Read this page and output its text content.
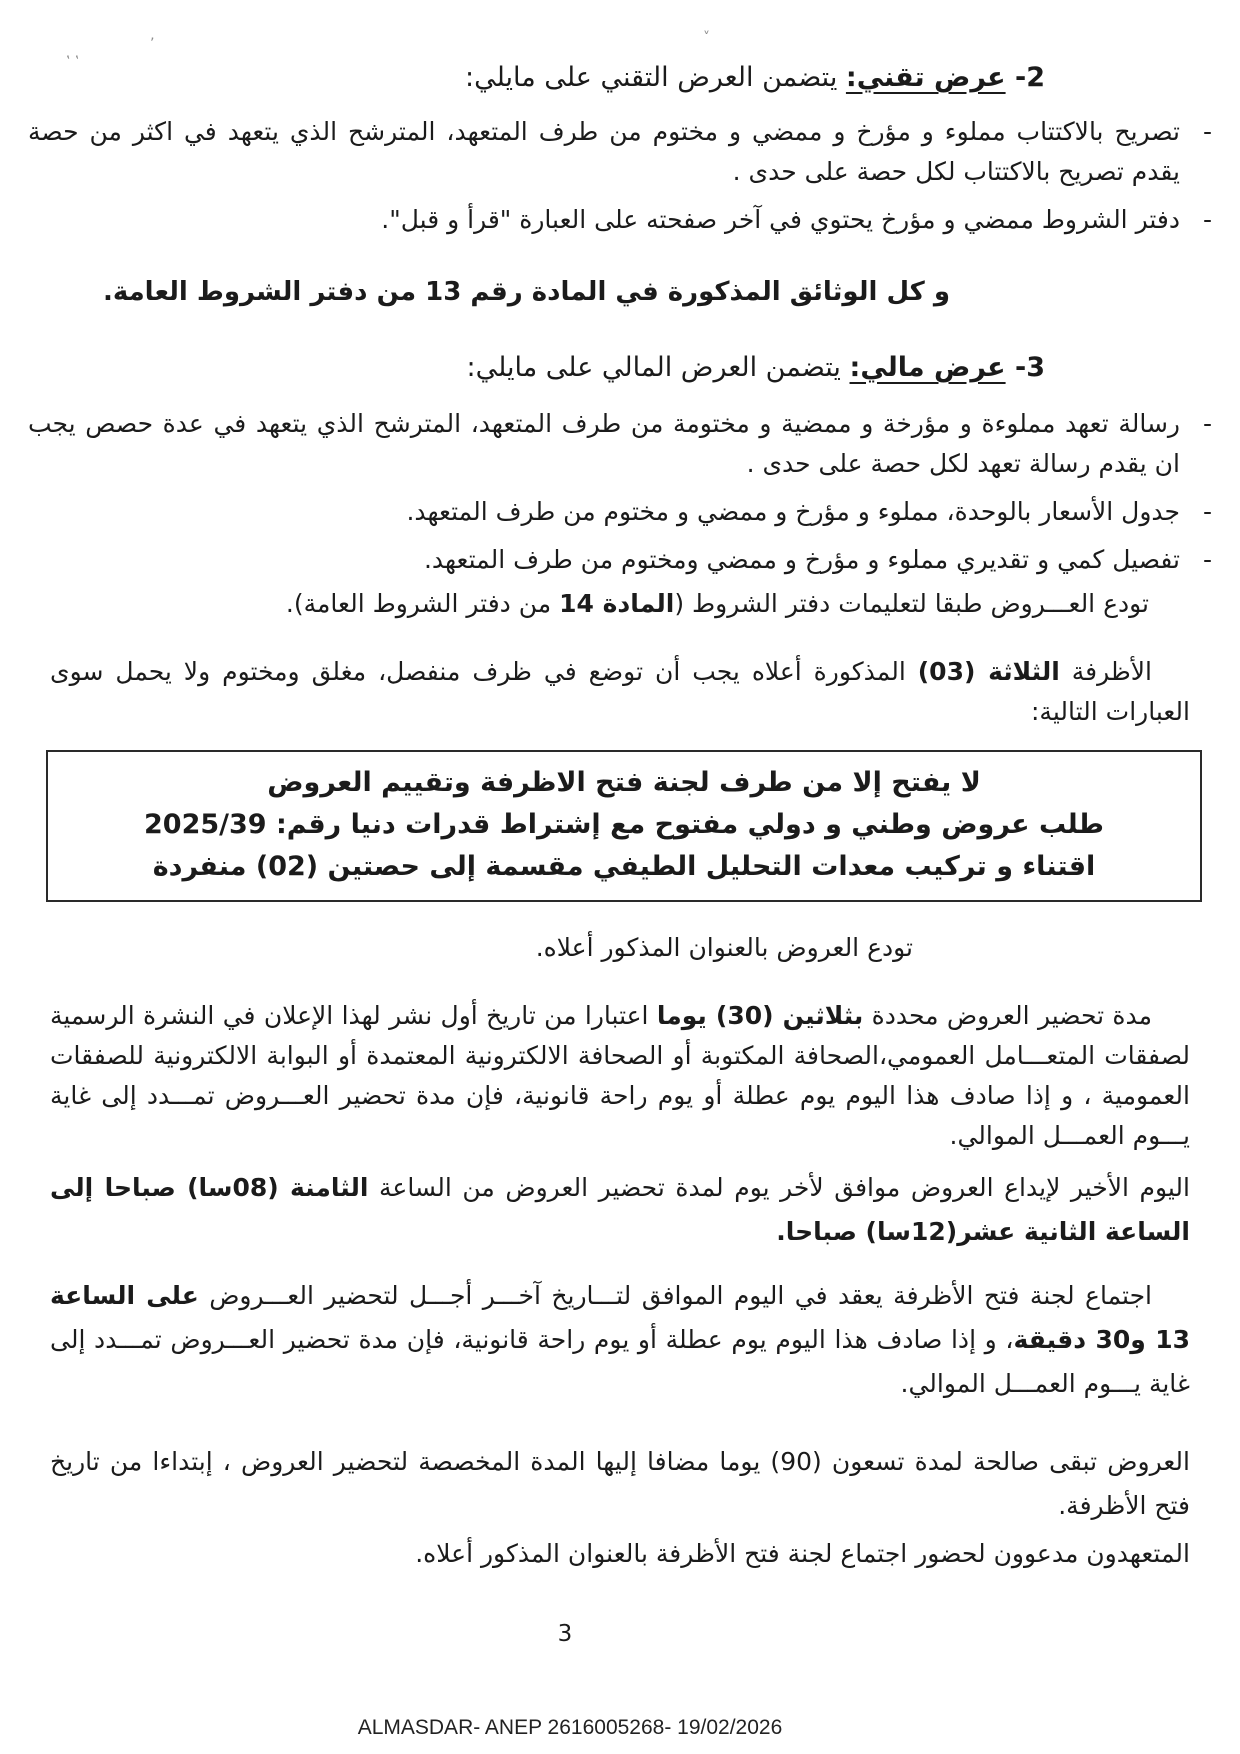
‛ ‛
’	˅
2- عرض تقني: يتضمن العرض التقني على مايلي:
- تصريح بالاكتتاب مملوء و مؤرخ و ممضي و مختوم من طرف المتعهد، المترشح الذي يتعهد في اكثر من حصة يقدم تصريح بالاكتتاب لكل حصة على حدى .
- دفتر الشروط ممضي و مؤرخ يحتوي في آخر صفحته على العبارة "قرأ و قبل".
و كل الوثائق المذكورة في المادة رقم 13 من دفتر الشروط العامة.
3- عرض مالي: يتضمن العرض المالي على مايلي:
- رسالة تعهد مملوءة و مؤرخة و ممضية و مختومة من طرف المتعهد، المترشح الذي يتعهد في عدة حصص يجب ان يقدم رسالة تعهد لكل حصة على حدى .
- جدول الأسعار بالوحدة، مملوء و مؤرخ و ممضي و مختوم من طرف المتعهد.
- تفصيل كمي و تقديري مملوء و مؤرخ و ممضي ومختوم من طرف المتعهد.
تودع العـــروض طبقا لتعليمات دفتر الشروط (المادة 14 من دفتر الشروط العامة).
الأظرفة الثلاثة (03) المذكورة أعلاه يجب أن توضع في ظرف منفصل، مغلق ومختوم ولا يحمل سوى العبارات التالية:
لا يفتح إلا من طرف لجنة فتح الاظرفة وتقييم العروض
طلب عروض وطني و دولي مفتوح مع إشتراط قدرات دنيا رقم: 2025/39
اقتناء و تركيب معدات التحليل الطيفي مقسمة إلى حصتين (02) منفردة
تودع العروض بالعنوان المذكور أعلاه.
مدة تحضير العروض محددة بثلاثين (30) يوما اعتبارا من تاريخ أول نشر لهذا الإعلان في النشرة الرسمية لصفقات المتعـــامل العمومي،الصحافة المكتوبة أو الصحافة الالكترونية المعتمدة أو البوابة الالكترونية للصفقات العمومية ، و إذا صادف هذا اليوم يوم عطلة أو يوم راحة قانونية، فإن مدة تحضير العـــروض تمـــدد إلى غاية يـــوم العمـــل الموالي.
اليوم الأخير لإيداع العروض موافق لأخر يوم لمدة تحضير العروض من الساعة الثامنة (08سا) صباحا إلى الساعة الثانية عشر(12سا) صباحا.
اجتماع لجنة فتح الأظرفة يعقد في اليوم الموافق لتـــاريخ آخـــر أجـــل لتحضير العـــروض على الساعة 13 و30 دقيقة، و إذا صادف هذا اليوم يوم عطلة أو يوم راحة قانونية، فإن مدة تحضير العـــروض تمـــدد إلى غاية يـــوم العمـــل الموالي.
العروض تبقى صالحة لمدة تسعون (90) يوما مضافا إليها المدة المخصصة لتحضير العروض ، إبتداءا من تاريخ فتح الأظرفة.
المتعهدون مدعوون لحضور اجتماع لجنة فتح الأظرفة بالعنوان المذكور أعلاه.
3
ALMASDAR- ANEP 2616005268- 19/02/2026
